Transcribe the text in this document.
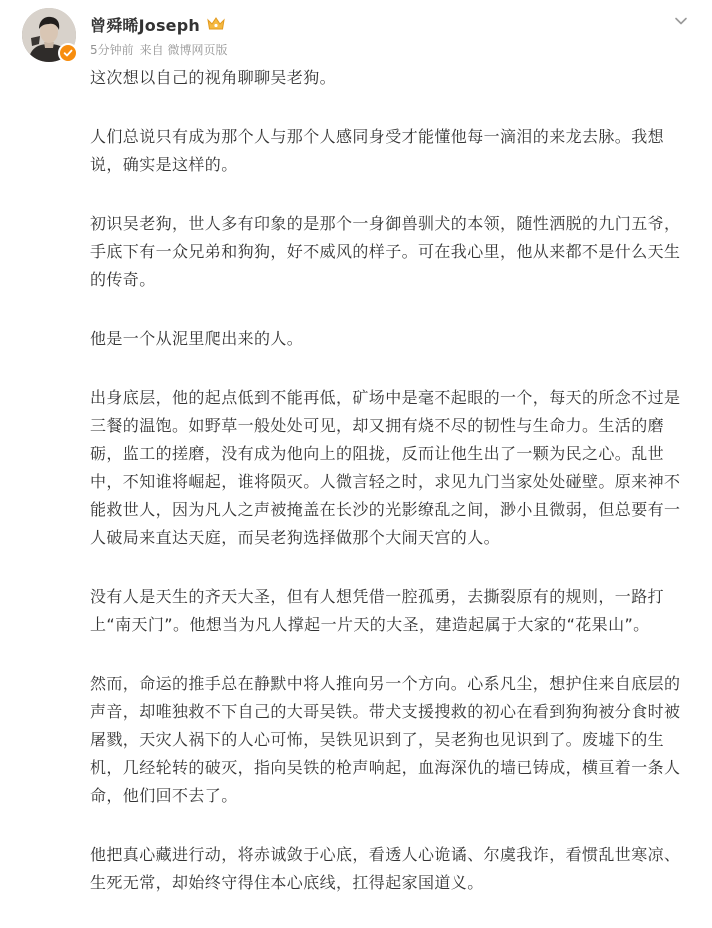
曾舜晞Joseph
5分钟前 来自 微博网页版

这次想以自己的视角聊聊吴老狗。

人们总说只有成为那个人与那个人感同身受才能懂他每一滴泪的来龙去脉。我想说，确实是这样的。

初识吴老狗，世人多有印象的是那个一身御兽驯犬的本领，随性洒脱的九门五爷，手底下有一众兄弟和狗狗，好不威风的样子。可在我心里，他从来都不是什么天生的传奇。

他是一个从泥里爬出来的人。

出身底层，他的起点低到不能再低，矿场中是毫不起眼的一个，每天的所念不过是三餐的温饱。如野草一般处处可见，却又拥有烧不尽的韧性与生命力。生活的磨砺，监工的搓磨，没有成为他向上的阻拢，反而让他生出了一颗为民之心。乱世中，不知谁将崛起，谁将陨灭。人微言轻之时，求见九门当家处处碰壁。原来神不能救世人，因为凡人之声被掩盖在长沙的光影缭乱之间，渺小且微弱，但总要有一人破局来直达天庭，而吴老狗选择做那个大闹天宫的人。

没有人是天生的齐天大圣，但有人想凭借一腔孤勇，去撕裂原有的规则，一路打上“南天门”。他想当为凡人撑起一片天的大圣，建造起属于大家的“花果山”。

然而，命运的推手总在静默中将人推向另一个方向。心系凡尘，想护住来自底层的声音，却唯独救不下自己的大哥吴铁。带犬支援搜救的初心在看到狗狗被分食时被屠戮，天灾人祸下的人心可怖，吴铁见识到了，吴老狗也见识到了。废墟下的生机，几经轮转的破灭，指向吴铁的枪声响起，血海深仇的墙已铸成，横亘着一条人命，他们回不去了。

他把真心藏进行动，将赤诚敛于心底，看透人心诡谲、尔虞我诈，看惯乱世寒凉、生死无常，却始终守得住本心底线，扛得起家国道义。
